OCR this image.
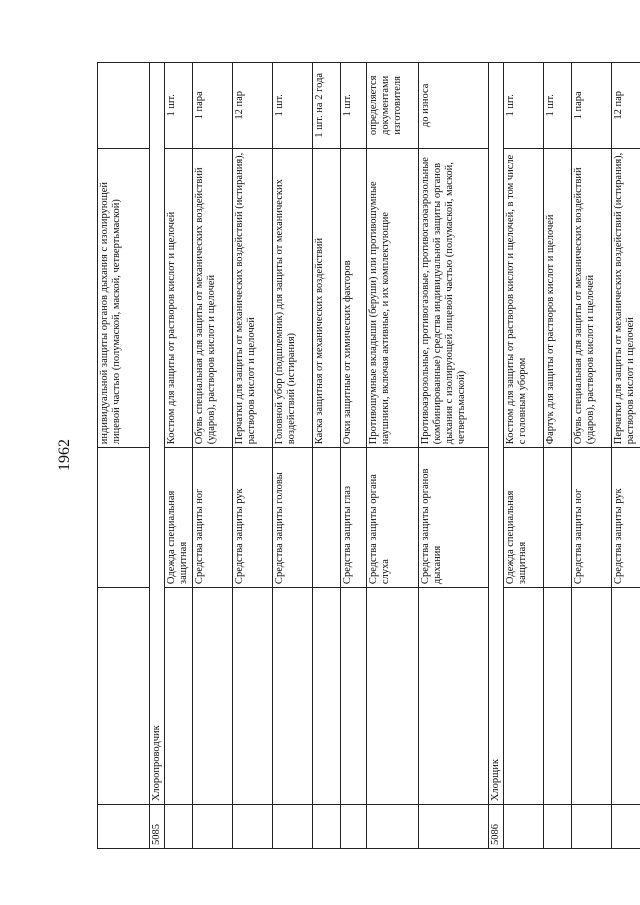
1962
			индивидуальной защиты органов дыхания с изолирующей лицевой частью (полумаской, маской, четвертьмаской)	
5085	Хлоропроводчик			
		Одежда специальная защитная	Костюм для защиты от растворов кислот и щелочей	1 шт.
		Средства защиты ног	Обувь специальная для защиты от механических воздействий (ударов), растворов кислот и щелочей	1 пара
		Средства защиты рук	Перчатки для защиты от механических воздействий (истирания), растворов кислот и щелочей	12 пар
		Средства защиты головы	Головной убор (подшлемник) для защиты от механических воздействий (истирания)	1 шт.
			Каска защитная от механических воздействий	1 шт. на 2 года
		Средства защиты глаз	Очки защитные от химических факторов	1 шт.
		Средства защиты органа слуха	Противошумные вкладыши (беруши) или противошумные наушники, включая активные, и их комплектующие	определяется документами изготовителя
		Средства защиты органов дыхания	Противоаэрозольные, противогазовые, противогазоаэрозольные (комбинированные) средства индивидуальной защиты органов дыхания с изолирующей лицевой частью (полумаской, маской, четвертьмаской)	до износа
5086	Хлорщик			
		Одежда специальная защитная	Костюм для защиты от растворов кислот и щелочей, в том числе с головным убором	1 шт.
			Фартук для защиты от растворов кислот и щелочей	1 шт.
		Средства защиты ног	Обувь специальная для защиты от механических воздействий (ударов), растворов кислот и щелочей	1 пара
		Средства защиты рук	Перчатки для защиты от механических воздействий (истирания), растворов кислот и щелочей	12 пар
